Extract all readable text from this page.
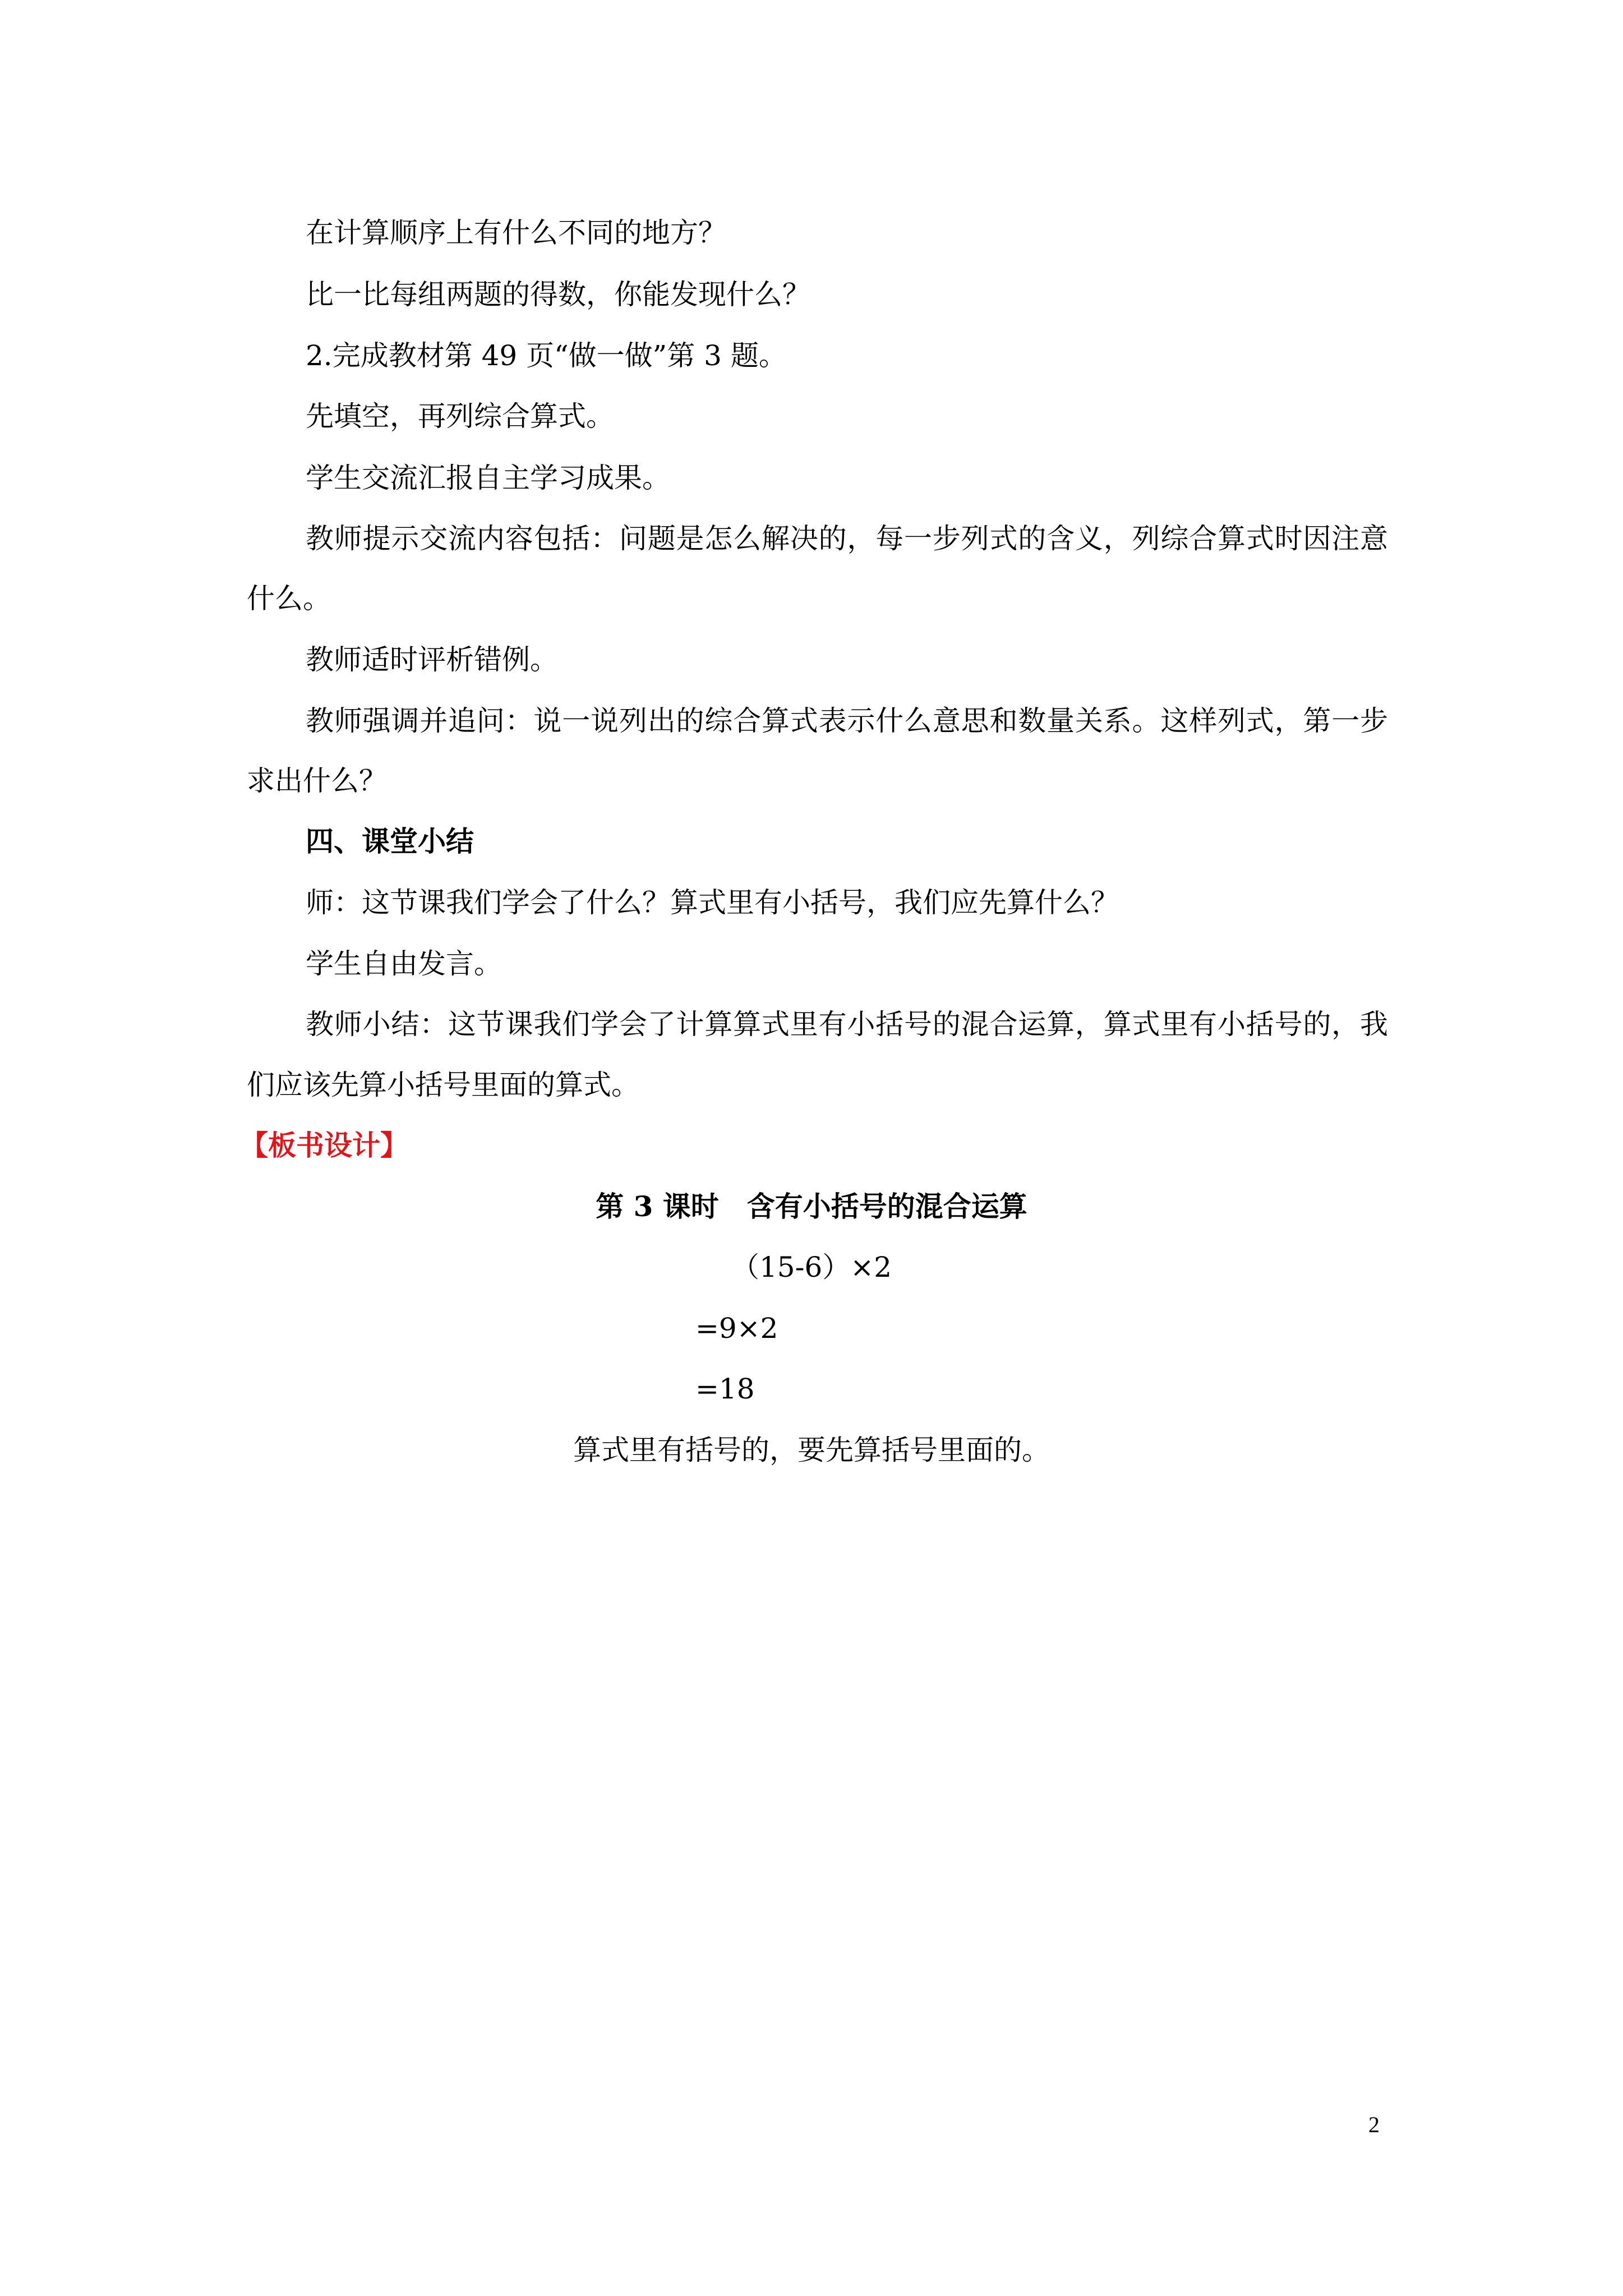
在计算顺序上有什么不同的地方？
比一比每组两题的得数，你能发现什么？
2.完成教材第 49 页“做一做”第 3 题。
先填空，再列综合算式。
学生交流汇报自主学习成果。
教师提示交流内容包括：问题是怎么解决的，每一步列式的含义，列综合算式时因注意
什么。
教师适时评析错例。
教师强调并追问：说一说列出的综合算式表示什么意思和数量关系。这样列式，第一步
求出什么？
四、课堂小结
师：这节课我们学会了什么？算式里有小括号，我们应先算什么？
学生自由发言。
教师小结：这节课我们学会了计算算式里有小括号的混合运算，算式里有小括号的，我
们应该先算小括号里面的算式。
【板书设计】
第 3 课时　含有小括号的混合运算
（15-6）×2
=9×2
=18
算式里有括号的，要先算括号里面的。
2
